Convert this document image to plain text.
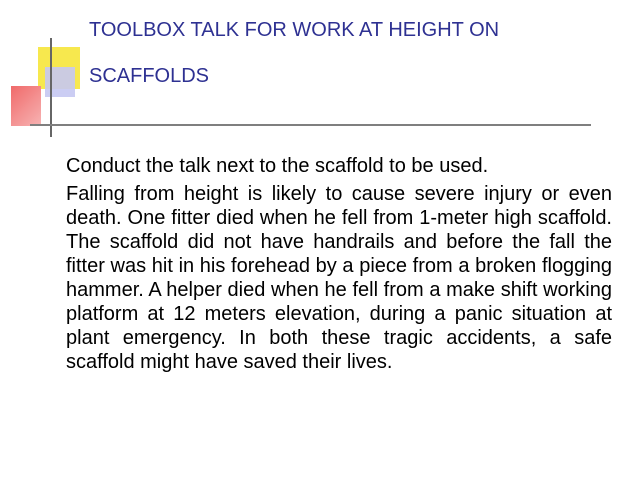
TOOLBOX TALK FOR WORK AT HEIGHT ON
SCAFFOLDS

Conduct the talk next to the scaffold to be used.

Falling from height is likely to cause severe injury or even death. One fitter died when he fell from 1-meter high scaffold. The scaffold did not have handrails and before the fall the fitter was hit in his forehead by a piece from a broken flogging hammer. A helper died when he fell from a make shift working platform at 12 meters elevation, during a panic situation at plant emergency. In both these tragic accidents, a safe scaffold might have saved their lives.
